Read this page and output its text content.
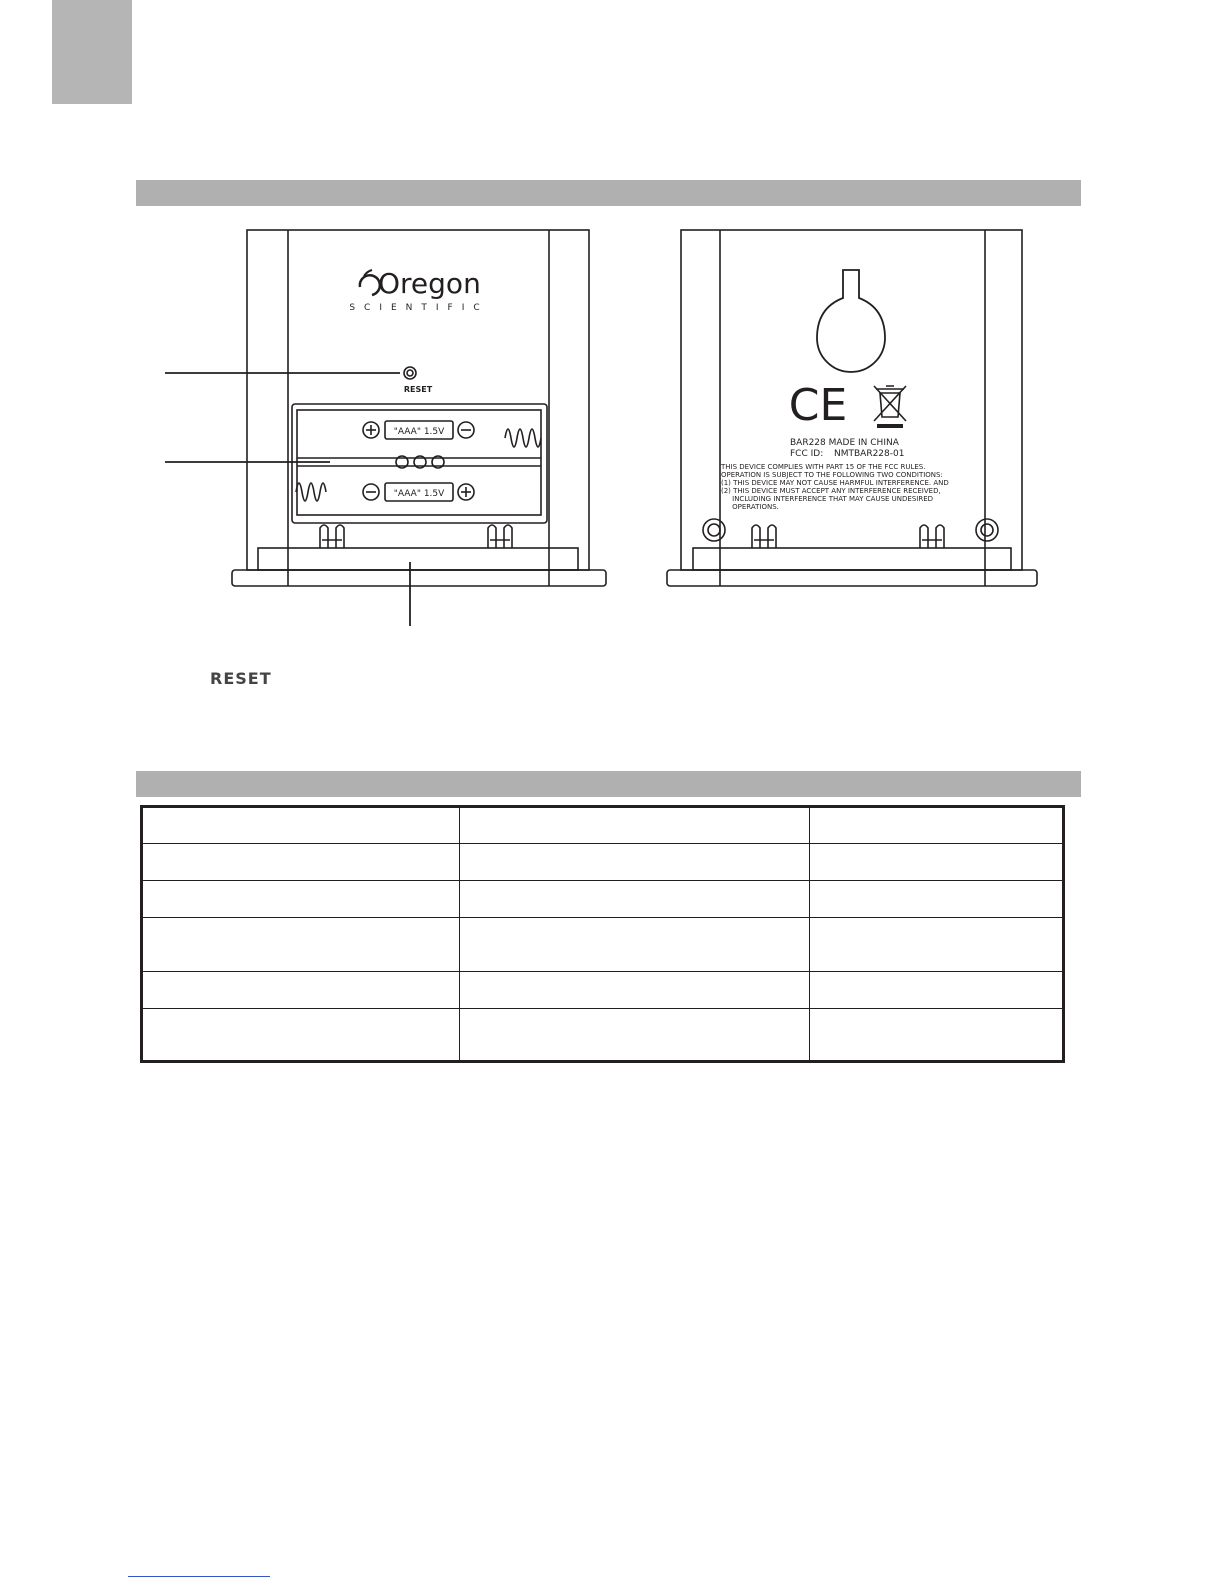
Oregon
SCIENTIFIC
RESET
"AAA" 1.5V
"AAA" 1.5V
CE
BAR228 MADE IN CHINA
FCC ID: NMTBAR228-01
THIS DEVICE COMPLIES WITH PART 15 OF THE FCC RULES.
OPERATION IS SUBJECT TO THE FOLLOWING TWO CONDITIONS:
(1) THIS DEVICE MAY NOT CAUSE HARMFUL INTERFERENCE. AND
(2) THIS DEVICE MUST ACCEPT ANY INTERFERENCE RECEIVED,
INCLUDING INTERFERENCE THAT MAY CAUSE UNDESIRED
OPERATIONS.
RESET
